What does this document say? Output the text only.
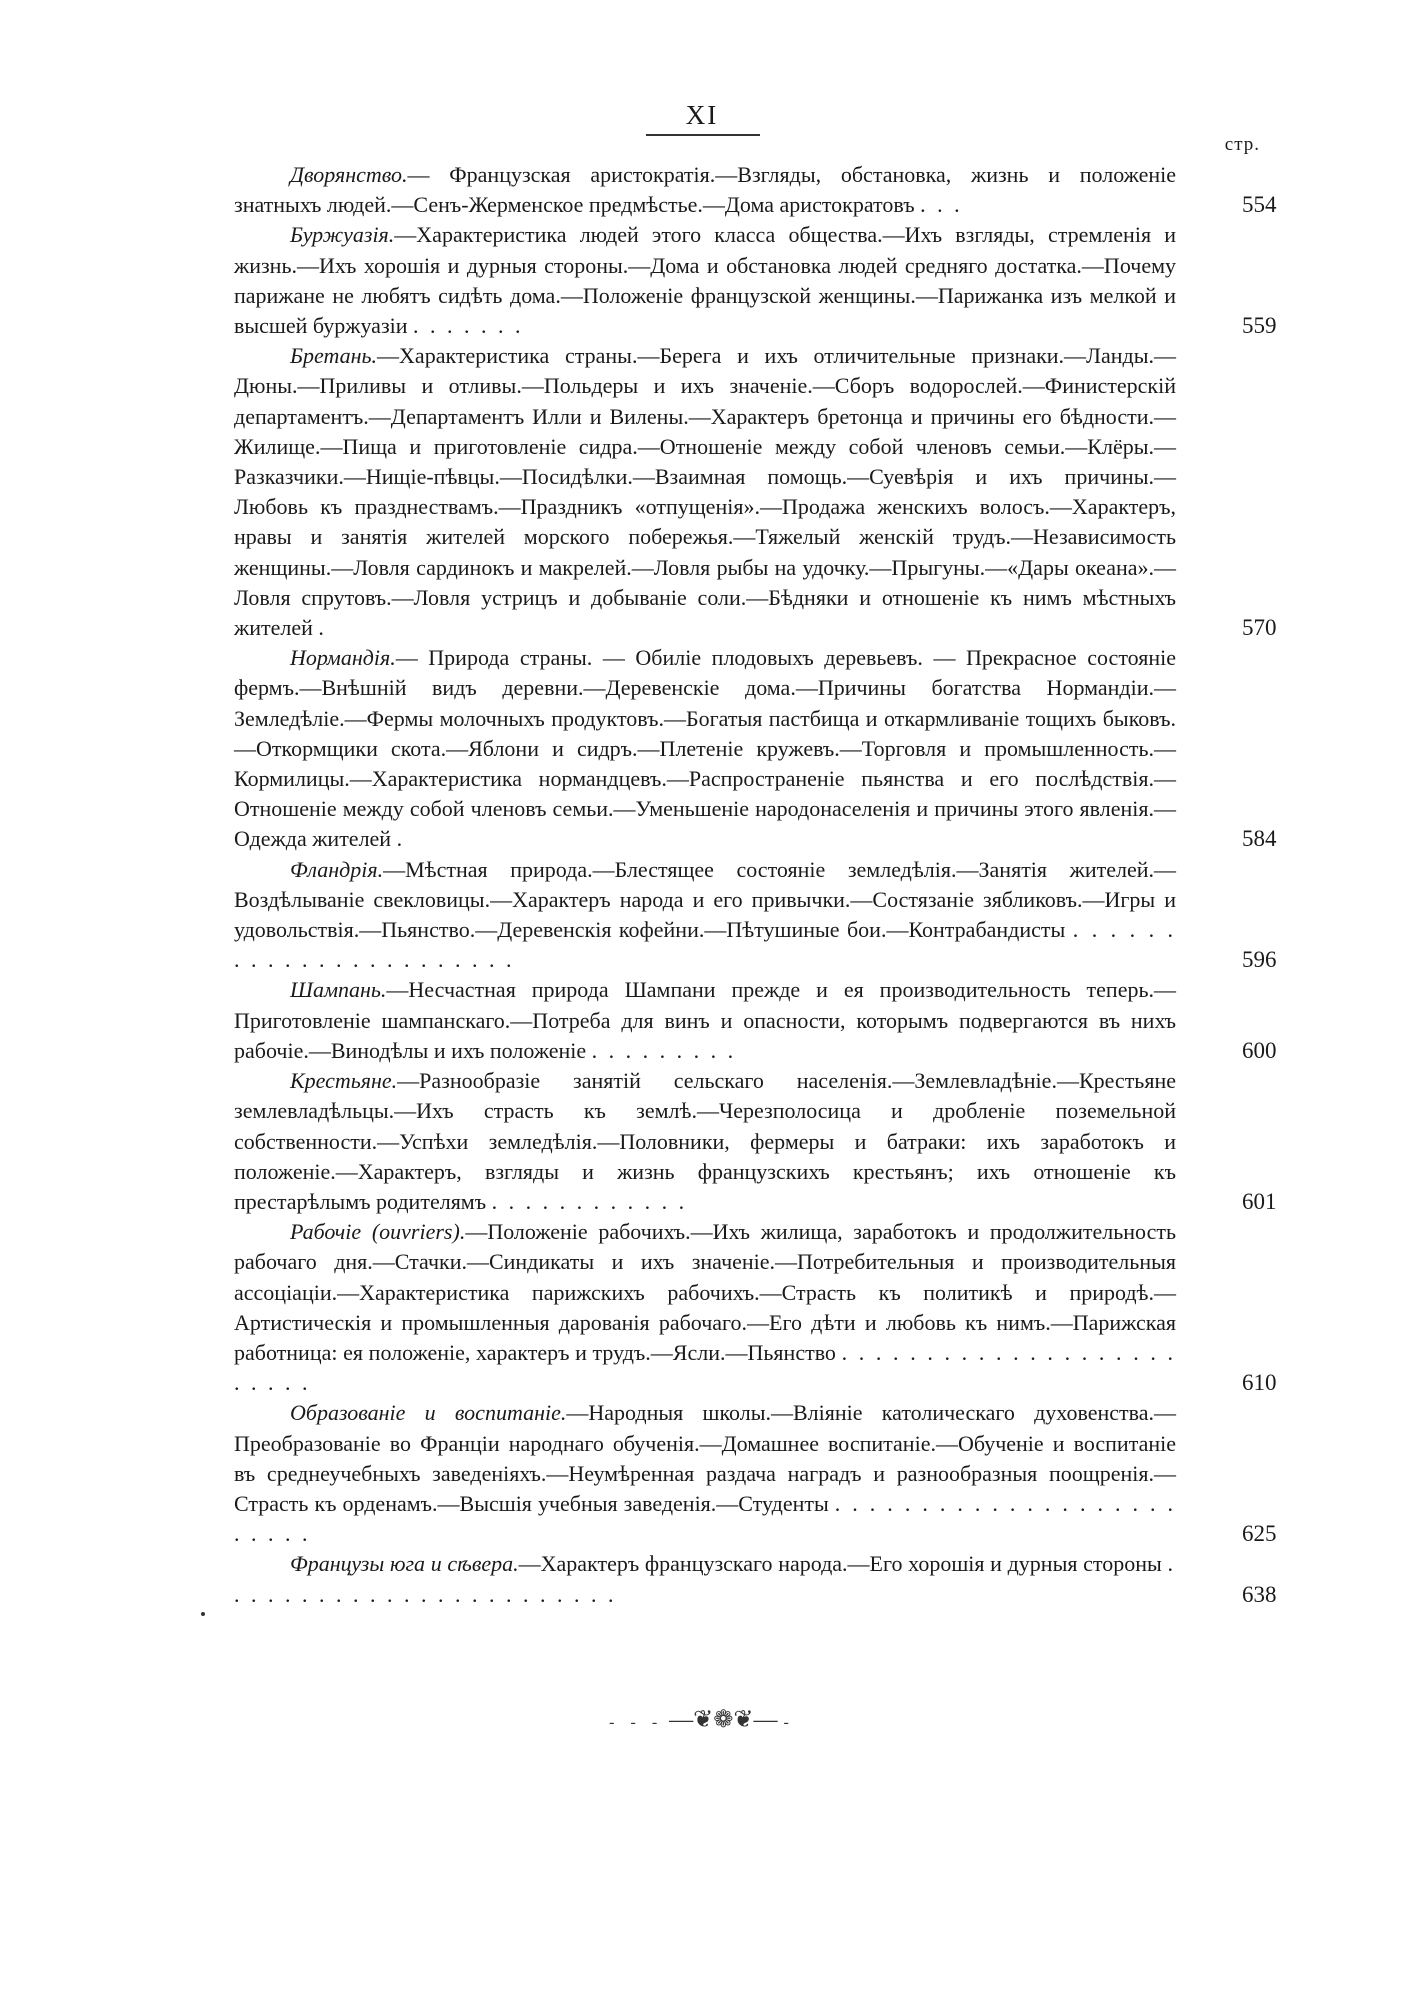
XI
стр.

Дворянство.— Французская аристократія.—Взгляды, обстановка, жизнь и положеніе знатныхъ людей.—Сенъ-Жерменское предмѣстье.—Дома аристократовъ . . .	554

Буржуазія.—Характеристика людей этого класса общества.—Ихъ взгляды, стремленія и жизнь.—Ихъ хорошія и дурныя стороны.—Дома и обстановка людей средняго достатка.—Почему парижане не любятъ сидѣть дома.—Положеніе французской женщины.—Парижанка изъ мелкой и высшей буржуазіи . . . . . . .	559

Бретань.—Характеристика страны.—Берега и ихъ отличительные признаки.—Ланды.—Дюны.—Приливы и отливы.—Польдеры и ихъ значеніе.—Сборъ водорослей.—Финистерскій департаментъ.—Департаментъ Илли и Вилены.—Характеръ бретонца и причины его бѣдности.—Жилище.—Пища и приготовленіе сидра.—Отношеніе между собой членовъ семьи.—Клёры.—Разказчики.—Нищіе-пѣвцы.—Посидѣлки.—Взаимная помощь.—Суевѣрія и ихъ причины.—Любовь къ празднествамъ.—Праздникъ «отпущенія».—Продажа женскихъ волосъ.—Характеръ, нравы и занятія жителей морского побережья.—Тяжелый женскій трудъ.—Независимость женщины.—Ловля сардинокъ и макрелей.—Ловля рыбы на удочку.—Прыгуны.—«Дары океана».—Ловля спрутовъ.—Ловля устрицъ и добываніе соли.—Бѣдняки и отношеніе къ нимъ мѣстныхъ жителей .	570

Нормандія.— Природа страны. — Обиліе плодовыхъ деревьевъ. — Прекрасное состояніе фермъ.—Внѣшній видъ деревни.—Деревенскіе дома.—Причины богатства Нормандіи.—Земледѣліе.—Фермы молочныхъ продуктовъ.—Богатыя пастбища и откармливаніе тощихъ быковъ.—Откормщики скота.—Яблони и сидръ.—Плетеніе кружевъ.—Торговля и промышленность.—Кормилицы.—Характеристика нормандцевъ.—Распространеніе пьянства и его послѣдствія.—Отношеніе между собой членовъ семьи.—Уменьшеніе народонаселенія и причины этого явленія.—Одежда жителей .	584

Фландрія.—Мѣстная природа.—Блестящее состояніе земледѣлія.—Занятія жителей.—Воздѣлываніе свекловицы.—Характеръ народа и его привычки.—Состязаніе зябликовъ.—Игры и удовольствія.—Пьянство.—Деревенскія кофейни.—Пѣтушиные бои.—Контрабандисты . . . . . . . . . . . . . . . . . . . . . . .	596

Шампань.—Несчастная природа Шампани прежде и ея производительность теперь.—Приготовленіе шампанскаго.—Потреба для винъ и опасности, которымъ подвергаются въ нихъ рабочіе.—Винодѣлы и ихъ положеніе . . . . . . . . .	600

Крестьяне.—Разнообразіе занятій сельскаго населенія.—Землевладѣніе.—Крестьяне землевладѣльцы.—Ихъ страсть къ землѣ.—Черезполосица и дробленіе поземельной собственности.—Успѣхи земледѣлія.—Половники, фермеры и батраки: ихъ заработокъ и положеніе.—Характеръ, взгляды и жизнь французскихъ крестьянъ; ихъ отношеніе къ престарѣлымъ родителямъ . . . . . . . . . . . .	601

Рабочіе (ouvriers).—Положеніе рабочихъ.—Ихъ жилища, заработокъ и продолжительность рабочаго дня.—Стачки.—Синдикаты и ихъ значеніе.—Потребительныя и производительныя ассоціаціи.—Характеристика парижскихъ рабочихъ.—Страсть къ политикѣ и природѣ.—Артистическія и промышленныя дарованія рабочаго.—Его дѣти и любовь къ нимъ.—Парижская работница: ея положеніе, характеръ и трудъ.—Ясли.—Пьянство . . . . . . . . . . . . . . . . . . . . . . . . .	610

Образованіе и воспитаніе.—Народныя школы.—Вліяніе католическаго духовенства.—Преобразованіе во Франціи народнаго обученія.—Домашнее воспитаніе.—Обученіе и воспитаніе въ среднеучебныхъ заведеніяхъ.—Неумѣренная раздача наградъ и разнообразныя поощренія.—Страсть къ орденамъ.—Высшія учебныя заведенія.—Студенты . . . . . . . . . . . . . . . . . . . . . . . . .	625

Французы юга и сѣвера.—Характеръ французскаго народа.—Его хорошія и дурныя стороны . . . . . . . . . . . . . . . . . . . . . . . .	638

- - - —❦❁❦— -
